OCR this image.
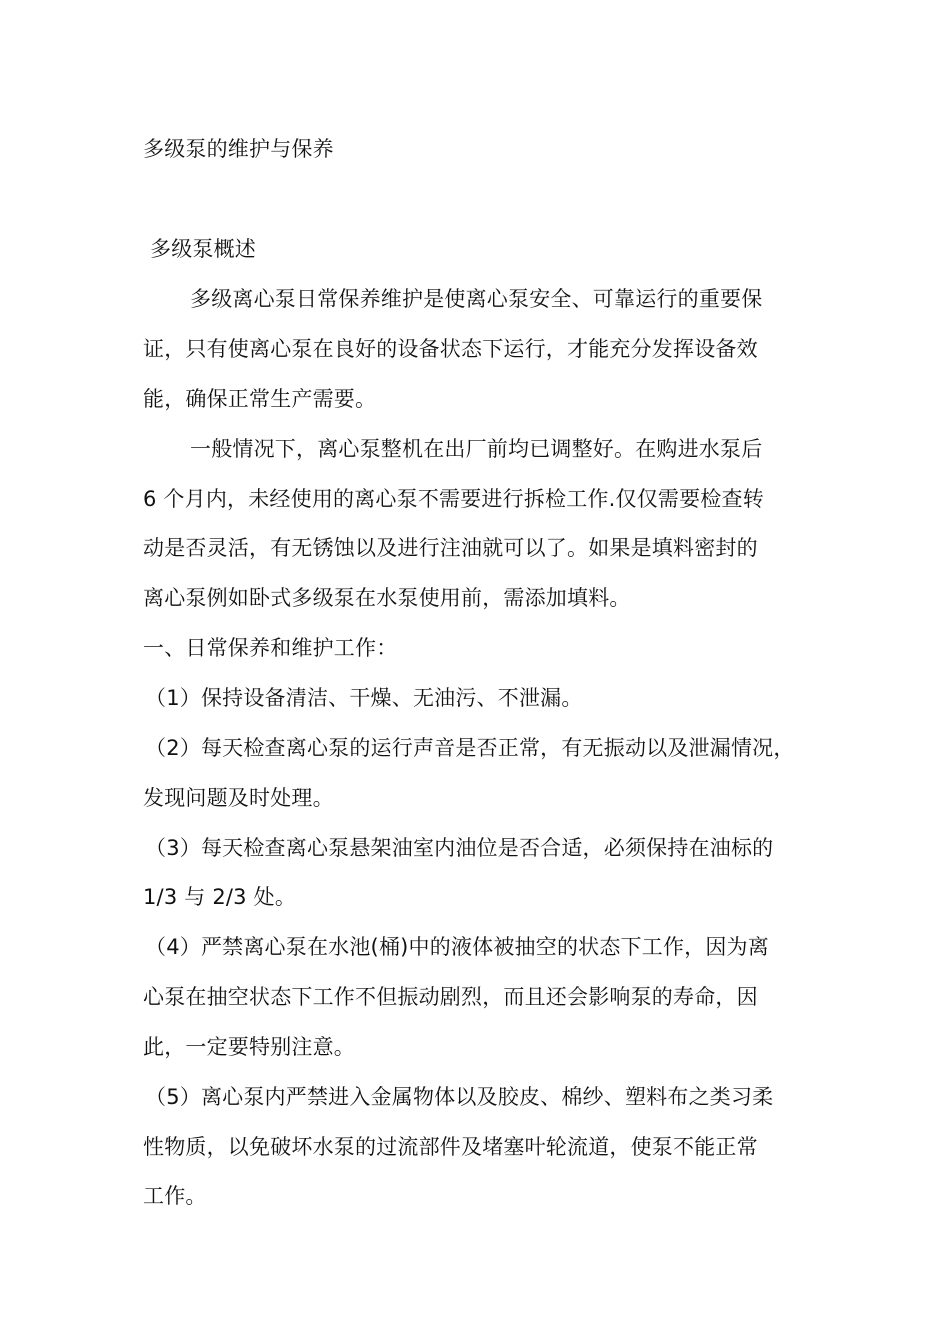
多级泵的维护与保养
多级泵概述
多级离心泵日常保养维护是使离心泵安全、可靠运行的重要保
证，只有使离心泵在良好的设备状态下运行，才能充分发挥设备效
能，确保正常生产需要。
一般情况下，离心泵整机在出厂前均已调整好。在购进水泵后
6 个月内，未经使用的离心泵不需要进行拆检工作.仅仅需要检查转
动是否灵活，有无锈蚀以及进行注油就可以了。如果是填料密封的
离心泵例如卧式多级泵在水泵使用前，需添加填料。
一、日常保养和维护工作：
（1）保持设备清洁、干燥、无油污、不泄漏。
（2）每天检查离心泵的运行声音是否正常，有无振动以及泄漏情况，
发现问题及时处理。
（3）每天检查离心泵悬架油室内油位是否合适，必须保持在油标的
1/3 与 2/3 处。
（4）严禁离心泵在水池(桶)中的液体被抽空的状态下工作，因为离
心泵在抽空状态下工作不但振动剧烈，而且还会影响泵的寿命，因
此，一定要特别注意。
（5）离心泵内严禁进入金属物体以及胶皮、棉纱、塑料布之类习柔
性物质，以免破坏水泵的过流部件及堵塞叶轮流道，使泵不能正常
工作。
